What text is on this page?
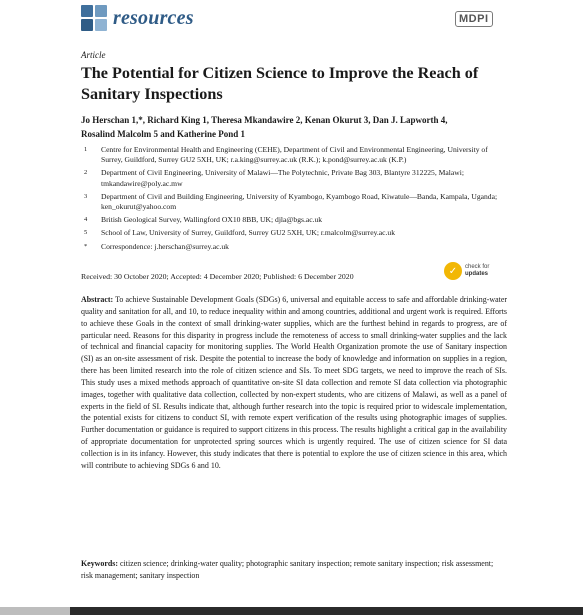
resources	MDPI
Article
The Potential for Citizen Science to Improve the Reach of Sanitary Inspections
Jo Herschan 1,*, Richard King 1, Theresa Mkandawire 2, Kenan Okurut 3, Dan J. Lapworth 4,
Rosalind Malcolm 5 and Katherine Pond 1
1 Centre for Environmental Health and Engineering (CEHE), Department of Civil and Environmental Engineering, University of Surrey, Guildford, Surrey GU2 5XH, UK; r.a.king@surrey.ac.uk (R.K.); k.pond@surrey.ac.uk (K.P.)
2 Department of Civil Engineering, University of Malawi—The Polytechnic, Private Bag 303, Blantyre 312225, Malawi; tmkandawire@poly.ac.mw
3 Department of Civil and Building Engineering, University of Kyambogo, Kyambogo Road, Kiwatule—Banda, Kampala, Uganda; ken_okurut@yahoo.com
4 British Geological Survey, Wallingford OX10 8BB, UK; djla@bgs.ac.uk
5 School of Law, University of Surrey, Guildford, Surrey GU2 5XH, UK; r.malcolm@surrey.ac.uk
* Correspondence: j.herschan@surrey.ac.uk
Received: 30 October 2020; Accepted: 4 December 2020; Published: 6 December 2020	✓	check for
updates
Abstract: To achieve Sustainable Development Goals (SDGs) 6, universal and equitable access to safe and affordable drinking-water quality and sanitation for all, and 10, to reduce inequality within and among countries, additional and urgent work is required. Efforts to achieve these Goals in the context of small drinking-water supplies, which are the furthest behind in regards to progress, are of particular need. Reasons for this disparity in progress include the remoteness of access to small drinking-water supplies and the lack of technical and financial capacity for monitoring supplies. The World Health Organization promote the use of Sanitary inspection (SI) as an on-site assessment of risk. Despite the potential to increase the body of knowledge and information on supplies in a region, there has been limited research into the role of citizen science and SIs. To meet SDG targets, we need to improve the reach of SIs. This study uses a mixed methods approach of quantitative on-site SI data collection and remote SI data collection via photographic images, together with qualitative data collection, collected by non-expert students, who are citizens of Malawi, as well as a panel of experts in the field of SI. Results indicate that, although further research into the topic is required prior to widescale implementation, the potential exists for citizens to conduct SI, with remote expert verification of the results using photographic images of supplies. Further documentation or guidance is required to support citizens in this process. The results highlight a critical gap in the availability of appropriate documentation for unprotected spring sources which is urgently required. The use of citizen science for SI data collection is in its infancy. However, this study indicates that there is potential to explore the use of citizen science in this area, which will contribute to achieving SDGs 6 and 10.
Keywords: citizen science; drinking-water quality; photographic sanitary inspection; remote sanitary inspection; risk assessment; risk management; sanitary inspection
